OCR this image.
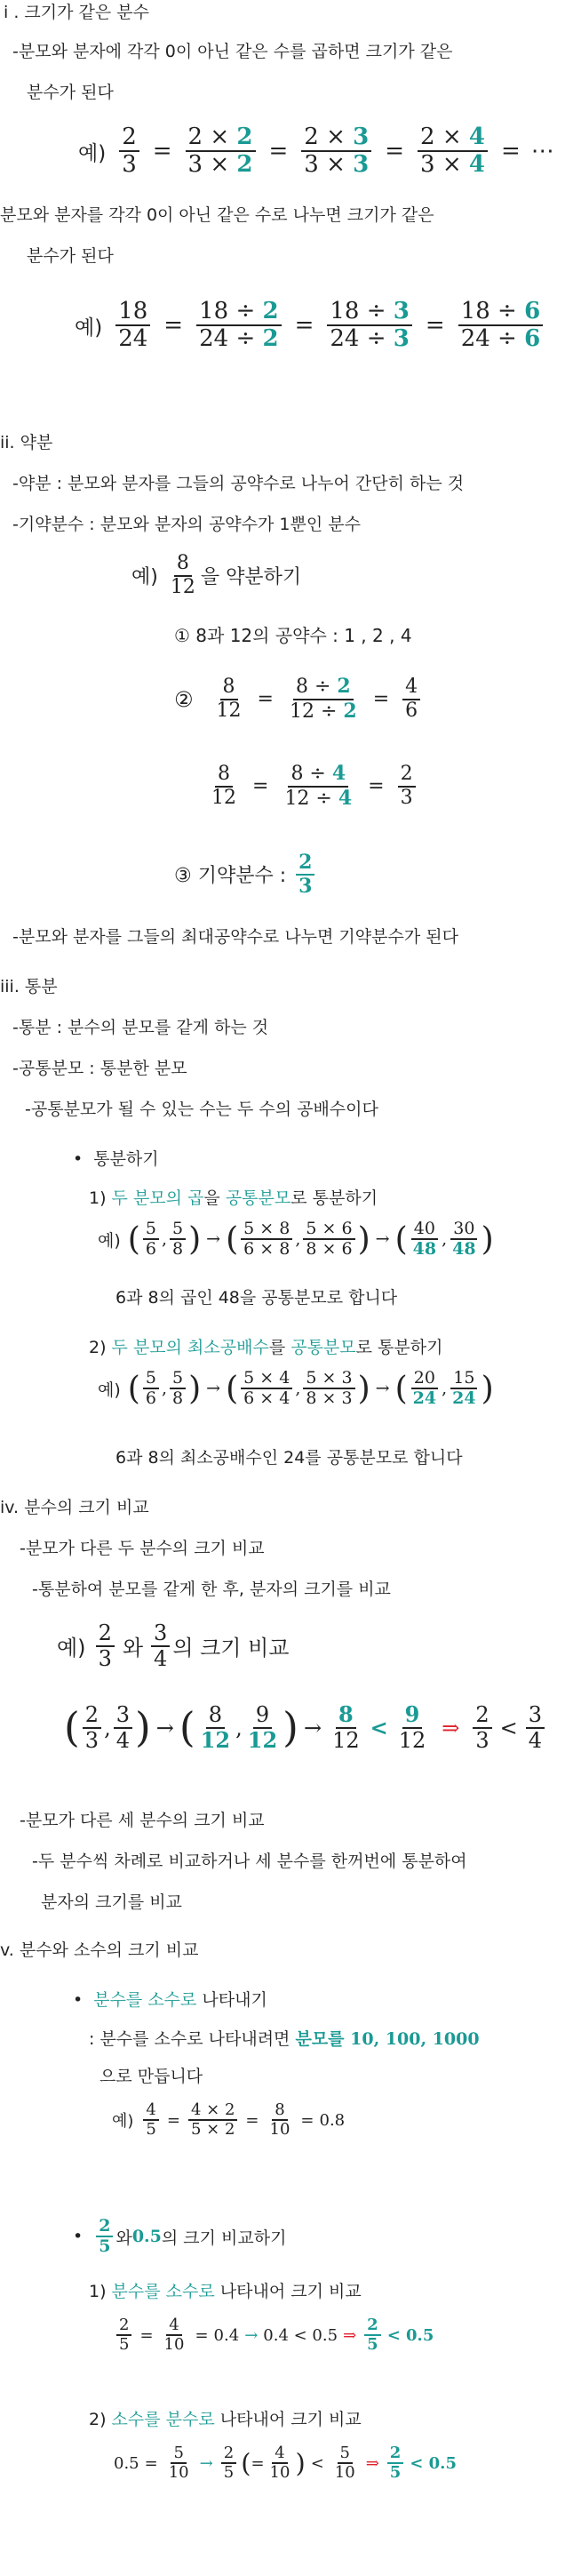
i . 크기가 같은 분수
-분모와 분자에 각각 0이 아닌 같은 수를 곱하면 크기가 같은
분수가 된다
예) $\frac{2}{3} = \frac{2 \times 2}{3 \times 2} = \frac{2 \times 3}{3 \times 3} = \frac{2 \times 4}{3 \times 4}$ = ⋯
분모와 분자를 각각 0이 아닌 같은 수로 나누면 크기가 같은
분수가 된다
예) $\frac{18}{24} = \frac{18 \div 2}{24 \div 2} = \frac{18 \div 3}{24 \div 3} = \frac{18 \div 6}{24 \div 6}$
ii. 약분
-약분 : 분모와 분자를 그들의 공약수로 나누어 간단히 하는 것
-기약분수 : 분모와 분자의 공약수가 1뿐인 분수
예) $\frac{8}{12}$ 을 약분하기
① 8과 12의 공약수 : 1 , 2 , 4
② $\frac{8}{12} = \frac{8 \div 2}{12 \div 2} = \frac{4}{6}$
$\frac{8}{12} = \frac{8 \div 4}{12 \div 4} = \frac{2}{3}$
③ 기약분수 : $\frac{2}{3}$
-분모와 분자를 그들의 최대공약수로 나누면 기약분수가 된다
iii. 통분
-통분 : 분수의 분모를 같게 하는 것
-공통분모 : 통분한 분모
-공통분모가 될 수 있는 수는 두 수의 공배수이다
• 통분하기
1) 두 분모의 곱을 공통분모로 통분하기
예) ( $\frac{5}{6}$ , $\frac{5}{8}$ ) → ( $\frac{5 \times 8}{6 \times 8}$ , $\frac{5 \times 6}{8 \times 6}$ ) → ( $\frac{40}{48}$ , $\frac{30}{48}$ )
6과 8의 곱인 48을 공통분모로 합니다
2) 두 분모의 최소공배수를 공통분모로 통분하기
예) ( $\frac{5}{6}$ , $\frac{5}{8}$ ) → ( $\frac{5 \times 4}{6 \times 4}$ , $\frac{5 \times 3}{8 \times 3}$ ) → ( $\frac{20}{24}$ , $\frac{15}{24}$ )
6과 8의 최소공배수인 24를 공통분모로 합니다
iv. 분수의 크기 비교
-분모가 다른 두 분수의 크기 비교
-통분하여 분모를 같게 한 후, 분자의 크기를 비교
예) $\frac{2}{3}$ 와 $\frac{3}{4}$ 의 크기 비교
( $\frac{2}{3}$ , $\frac{3}{4}$ ) → ( $\frac{8}{12}$ , $\frac{9}{12}$ ) → $\frac{8}{12} < \frac{9}{12}$ ⇒ $\frac{2}{3} < \frac{3}{4}$
-분모가 다른 세 분수의 크기 비교
-두 분수씩 차례로 비교하거나 세 분수를 한꺼번에 통분하여
분자의 크기를 비교
v. 분수와 소수의 크기 비교
• 분수를 소수로 나타내기
: 분수를 소수로 나타내려면 분모를 10, 100, 1000
으로 만듭니다
예) $\frac{4}{5} = \frac{4 \times 2}{5 \times 2} = \frac{8}{10} = 0.8$
• $\frac{2}{5}$ 와 0.5 의 크기 비교하기
1) 분수를 소수로 나타내어 크기 비교
$\frac{2}{5} = \frac{4}{10} = 0.4 \to 0.4 < 0.5$ ⇒ $\frac{2}{5} < 0.5$
2) 소수를 분수로 나타내어 크기 비교
$0.5 = \frac{5}{10} \to \frac{2}{5}$ ( = $\frac{4}{10}$ ) < $\frac{5}{10}$ ⇒ $\frac{2}{5} < 0.5$
